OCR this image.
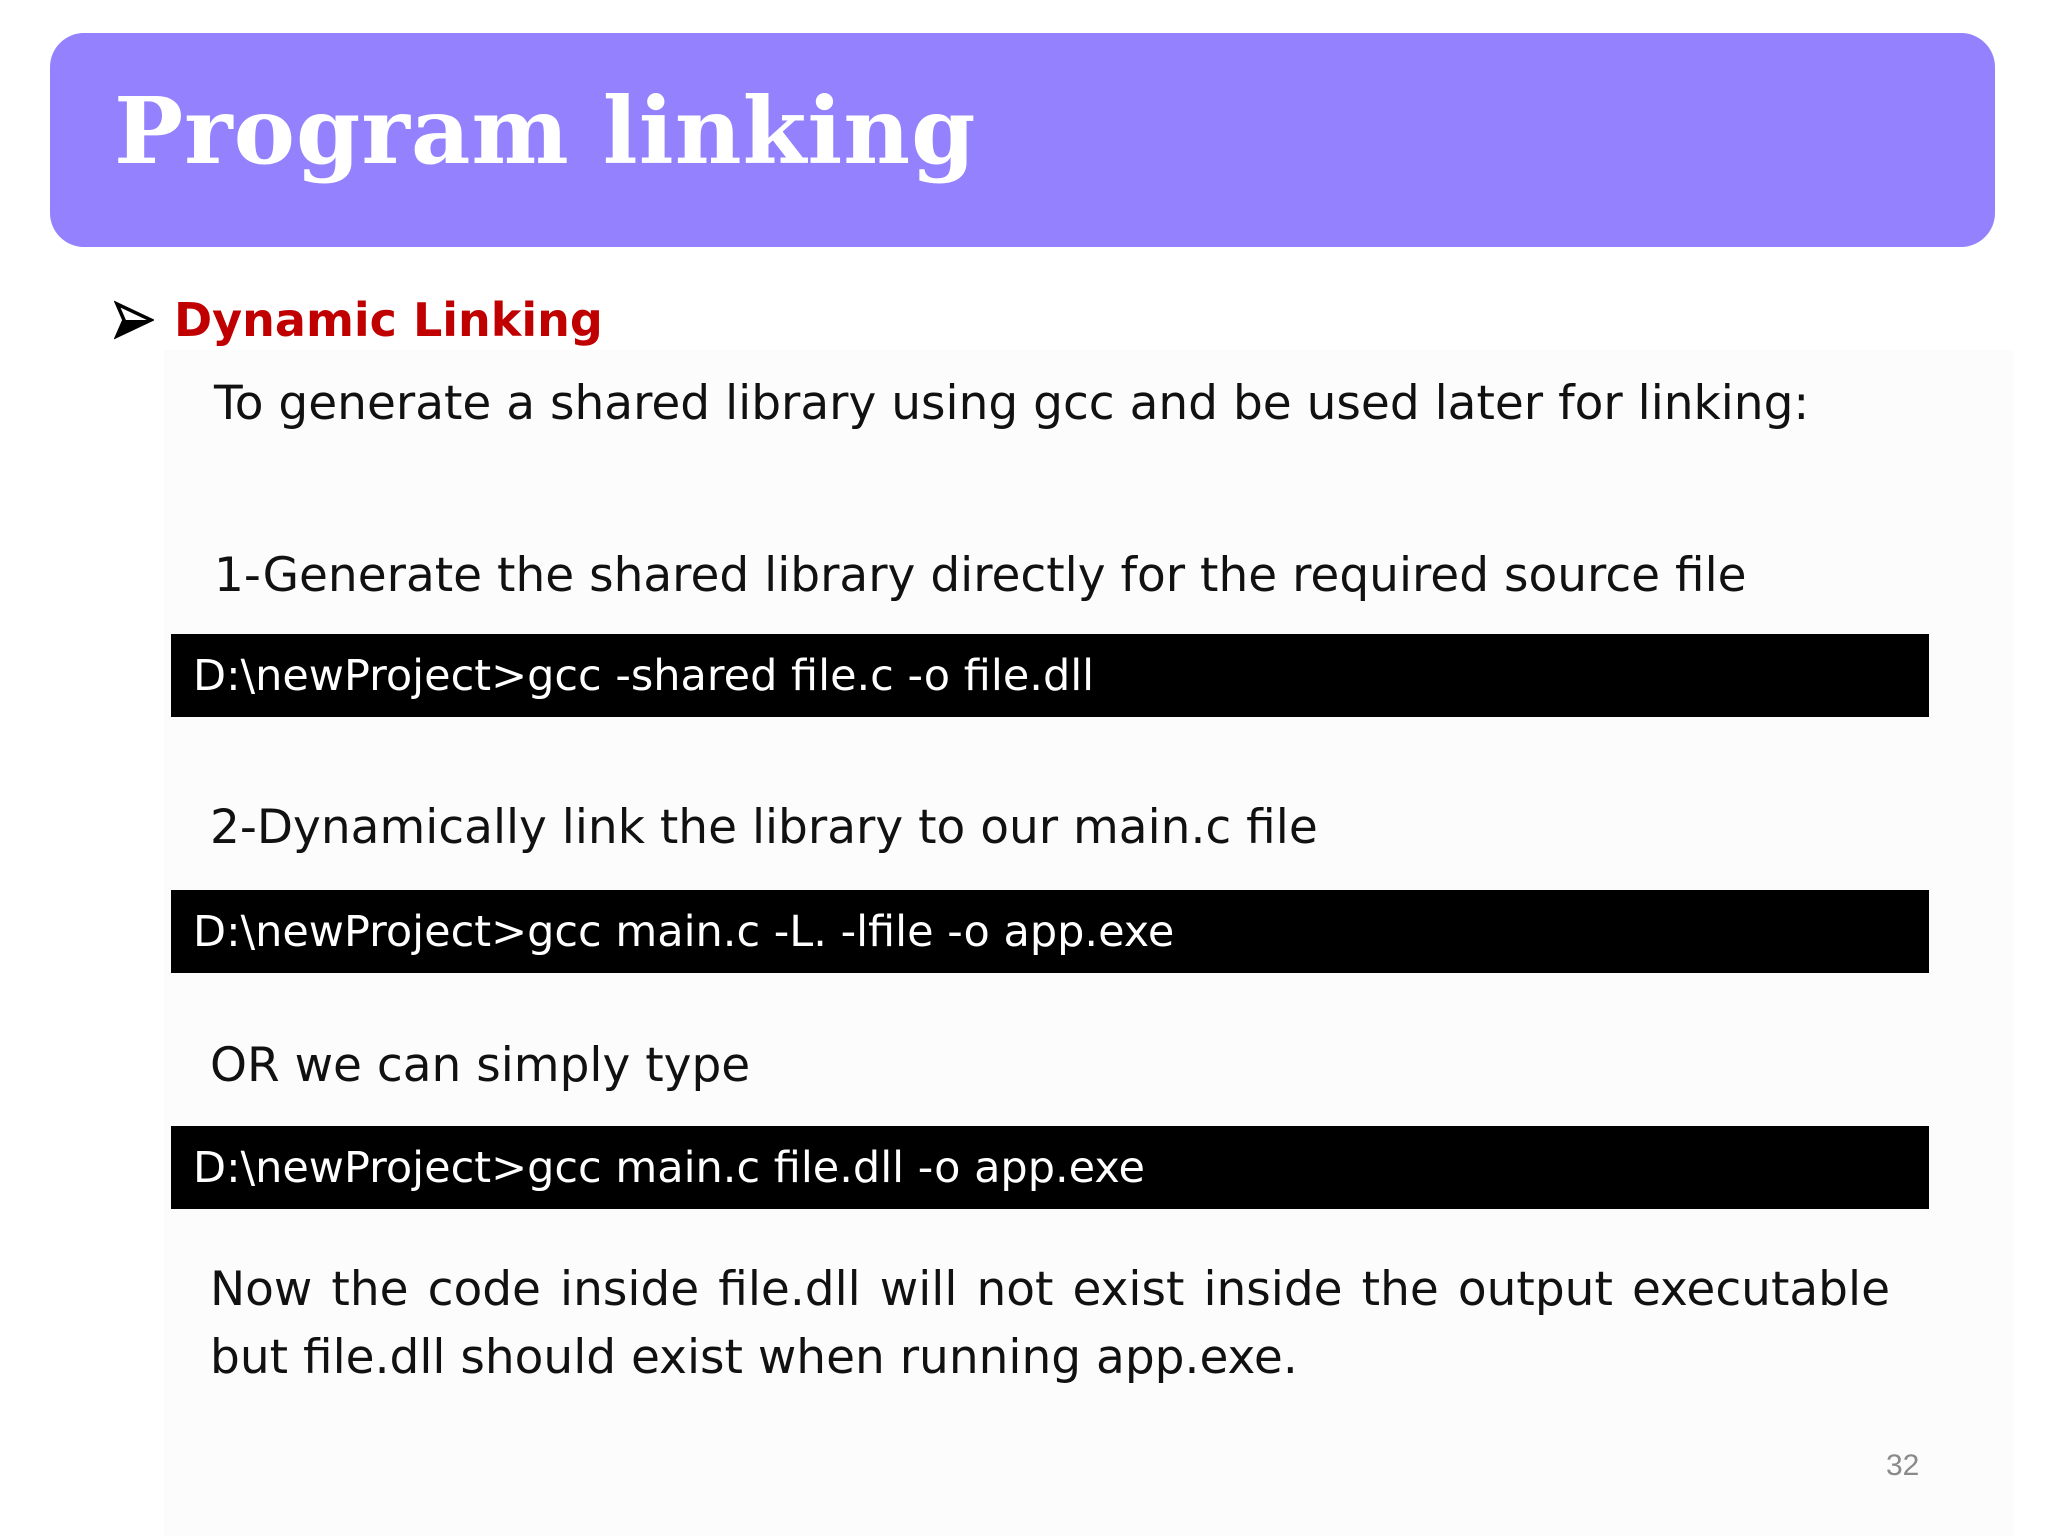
Program linking
Dynamic Linking
To generate a shared library using gcc and be used later for linking:
1-Generate the shared library directly for the required source file
D:\newProject>gcc -shared file.c -o file.dll
2-Dynamically link the library to our main.c file
D:\newProject>gcc main.c -L. -lfile -o app.exe
OR we can simply type
D:\newProject>gcc main.c file.dll -o app.exe
Now the code inside file.dll will not exist inside the output executable but file.dll should exist when running app.exe.
32
